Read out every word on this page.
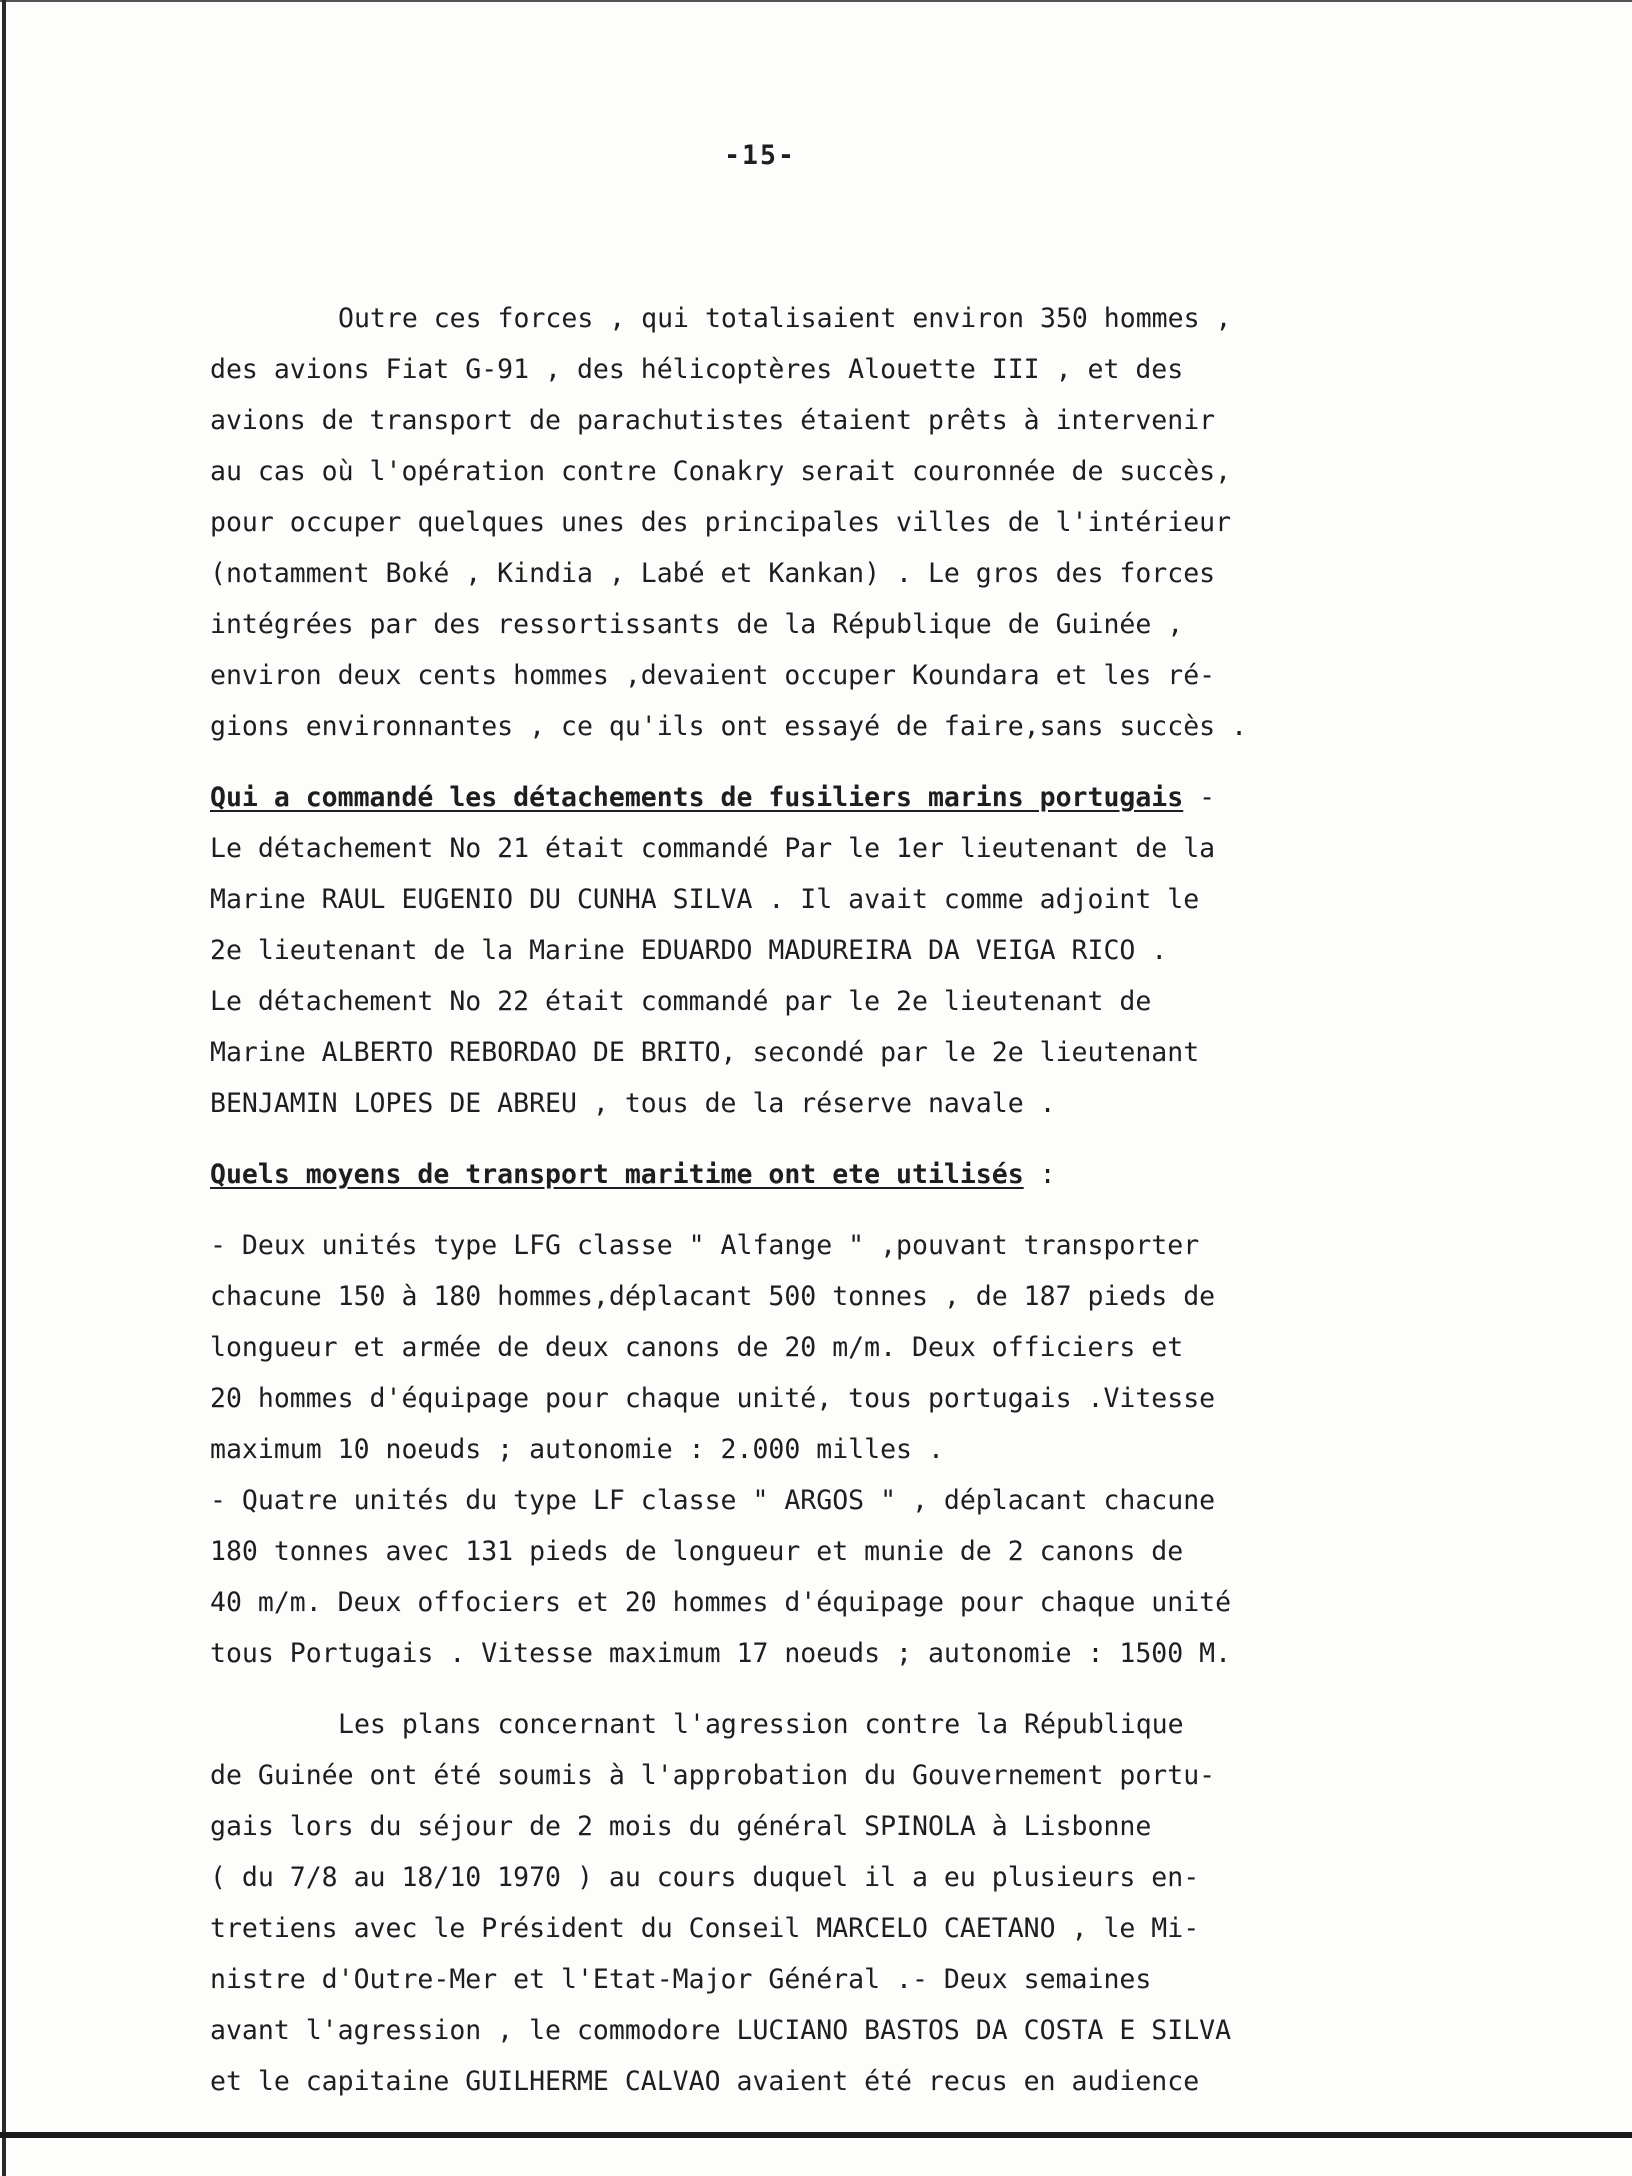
-15-
Outre ces forces , qui totalisaient environ 350 hommes ,
des avions Fiat G-91 , des hélicoptères Alouette III , et des
avions de transport de parachutistes étaient prêts à intervenir
au cas où l'opération contre Conakry serait couronnée de succès,
pour occuper quelques unes des principales villes de l'intérieur
(notamment Boké , Kindia , Labé et Kankan) . Le gros des forces
intégrées par des ressortissants de la République de Guinée ,
environ deux cents hommes ,devaient occuper Koundara et les ré-
gions environnantes , ce qu'ils ont essayé de faire,sans succès .
Qui a commandé les détachements de fusiliers marins portugais -
Le détachement No 21 était commandé Par le 1er lieutenant de la
Marine RAUL EUGENIO DU CUNHA SILVA . Il avait comme adjoint le
2e lieutenant de la Marine EDUARDO MADUREIRA DA VEIGA RICO .
Le détachement No 22 était commandé par le 2e lieutenant de
Marine ALBERTO REBORDAO DE BRITO, secondé par le 2e lieutenant
BENJAMIN LOPES DE ABREU , tous de la réserve navale .
Quels moyens de transport maritime ont ete utilisés :
- Deux unités type LFG classe " Alfange " ,pouvant transporter
chacune 150 à 180 hommes,déplacant 500 tonnes , de 187 pieds de
longueur et armée de deux canons de 20 m/m. Deux officiers et
20 hommes d'équipage pour chaque unité, tous portugais .Vitesse
maximum 10 noeuds ; autonomie : 2.000 milles .
- Quatre unités du type LF classe " ARGOS " , déplacant chacune
180 tonnes avec 131 pieds de longueur et munie de 2 canons de
40 m/m. Deux offociers et 20 hommes d'équipage pour chaque unité
tous Portugais . Vitesse maximum 17 noeuds ; autonomie : 1500 M.
Les plans concernant l'agression contre la République
de Guinée ont été soumis à l'approbation du Gouvernement portu-
gais lors du séjour de 2 mois du général SPINOLA à Lisbonne
( du 7/8 au 18/10 1970 ) au cours duquel il a eu plusieurs en-
tretiens avec le Président du Conseil MARCELO CAETANO , le Mi-
nistre d'Outre-Mer et l'Etat-Major Général .- Deux semaines
avant l'agression , le commodore LUCIANO BASTOS DA COSTA E SILVA
et le capitaine GUILHERME CALVAO avaient été recus en audience
